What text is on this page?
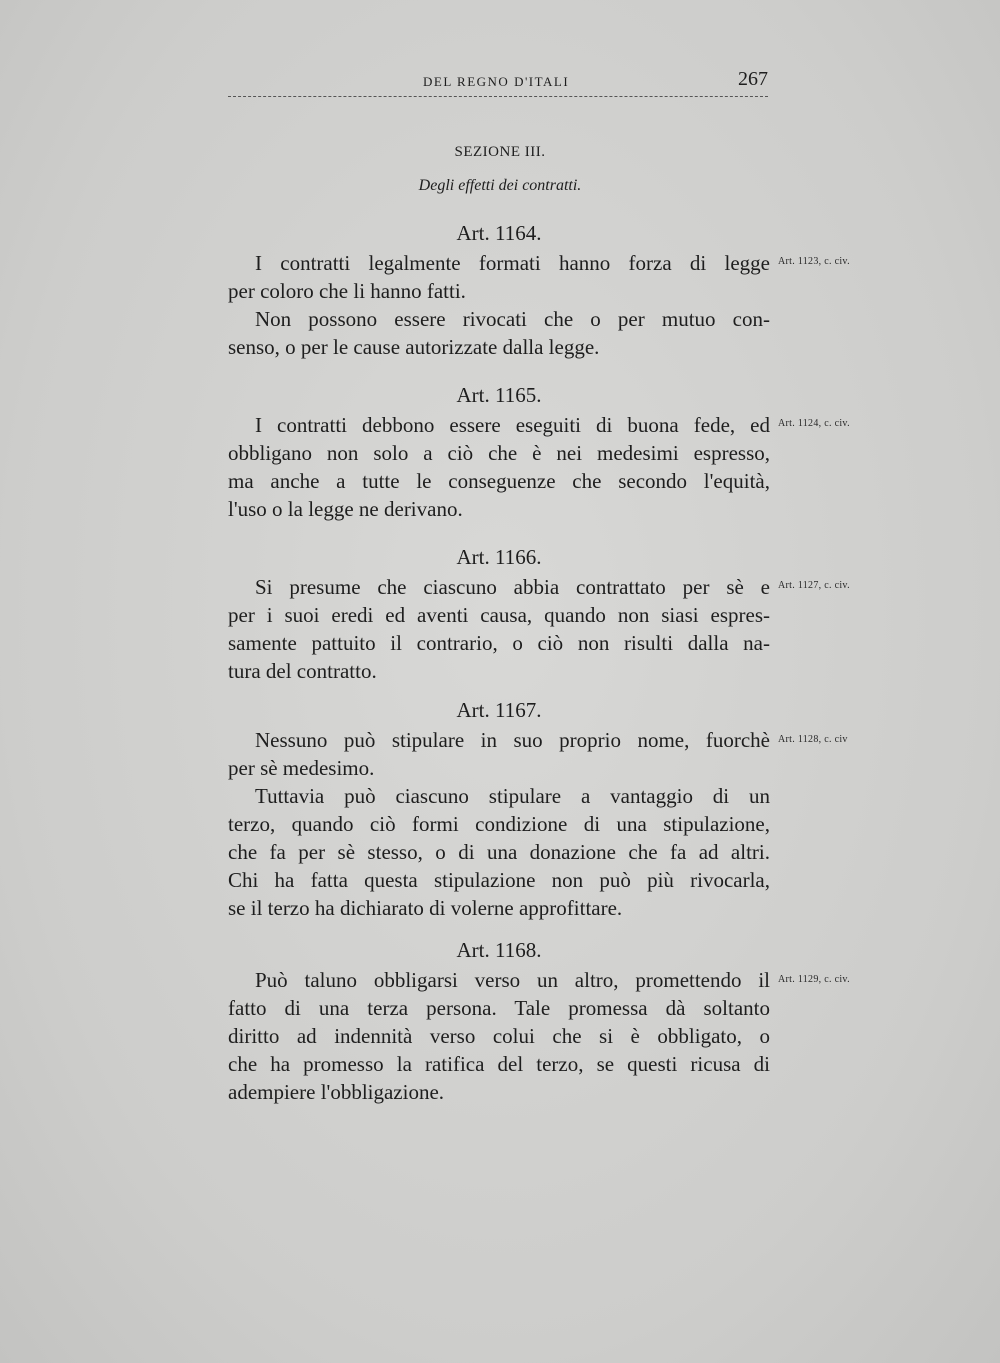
DEL REGNO D'ITALI	267
SEZIONE III.
Degli effetti dei contratti.
Art. 1164.

I contratti legalmente formati hanno forza di legge
per coloro che li hanno fatti.

Non possono essere rivocati che o per mutuo con-
senso, o per le cause autorizzate dalla legge.

Art. 1123, c. civ.
Art. 1165.

I contratti debbono essere eseguiti di buona fede, ed
obbligano non solo a ciò che è nei medesimi espresso,
ma anche a tutte le conseguenze che secondo l'equità,
l'uso o la legge ne derivano.

Art. 1124, c. civ.
Art. 1166.

Si presume che ciascuno abbia contrattato per sè e
per i suoi eredi ed aventi causa, quando non siasi espres-
samente pattuito il contrario, o ciò non risulti dalla na-
tura del contratto.

Art. 1127, c. civ.
Art. 1167.

Nessuno può stipulare in suo proprio nome, fuorchè
per sè medesimo.

Tuttavia può ciascuno stipulare a vantaggio di un
terzo, quando ciò formi condizione di una stipulazione,
che fa per sè stesso, o di una donazione che fa ad altri.
Chi ha fatta questa stipulazione non può più rivocarla,
se il terzo ha dichiarato di volerne approfittare.

Art. 1128, c. civ
Art. 1168.

Può taluno obbligarsi verso un altro, promettendo il
fatto di una terza persona. Tale promessa dà soltanto
diritto ad indennità verso colui che si è obbligato, o
che ha promesso la ratifica del terzo, se questi ricusa di
adempiere l'obbligazione.

Art. 1129, c. civ.
